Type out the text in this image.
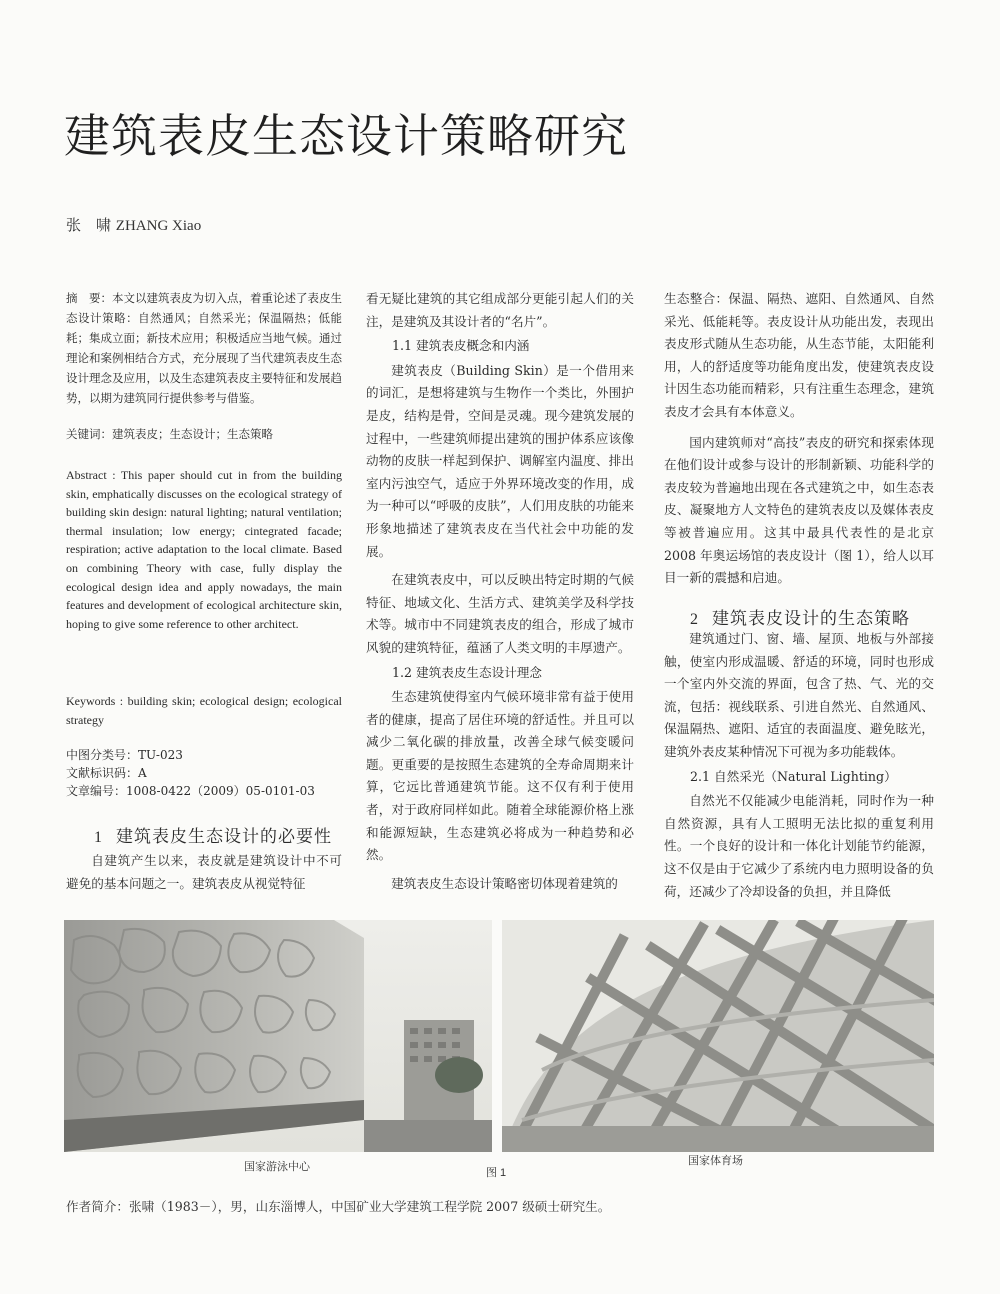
建筑表皮生态设计策略研究
张　啸 ZHANG Xiao

摘　要：本文以建筑表皮为切入点，着重论述了表皮生态设计策略：自然通风；自然采光；保温隔热；低能耗；集成立面；新技术应用；积极适应当地气候。通过理论和案例相结合方式，充分展现了当代建筑表皮生态设计理念及应用，以及生态建筑表皮主要特征和发展趋势，以期为建筑同行提供参考与借鉴。

关键词：建筑表皮；生态设计；生态策略

Abstract : This paper should cut in from the building skin, emphatically discusses on the ecological strategy of building skin design: natural lighting; natural ventilation; thermal insulation; low energy; cintegrated facade; respiration; active adaptation to the local climate. Based on combining Theory with case, fully display the ecological design idea and apply nowadays, the main features and development of ecological architecture skin, hoping to give some reference to other architect.

Keywords : building skin; ecological design; ecological strategy

中图分类号：TU-023
文献标识码：A
文章编号：1008-0422（2009）05-0101-03
1 建筑表皮生态设计的必要性

自建筑产生以来，表皮就是建筑设计中不可避免的基本问题之一。建筑表皮从视觉特征

看无疑比建筑的其它组成部分更能引起人们的关注，是建筑及其设计者的“名片”。

1.1 建筑表皮概念和内涵

建筑表皮（Building Skin）是一个借用来的词汇，是想将建筑与生物作一个类比，外围护是皮，结构是骨，空间是灵魂。现今建筑发展的过程中，一些建筑师提出建筑的围护体系应该像动物的皮肤一样起到保护、调解室内温度、排出室内污浊空气，适应于外界环境改变的作用，成为一种可以“呼吸的皮肤”，人们用皮肤的功能来形象地描述了建筑表皮在当代社会中功能的发展。

在建筑表皮中，可以反映出特定时期的气候特征、地域文化、生活方式、建筑美学及科学技术等。城市中不同建筑表皮的组合，形成了城市风貌的建筑特征，蕴涵了人类文明的丰厚遗产。

1.2 建筑表皮生态设计理念

生态建筑使得室内气候环境非常有益于使用者的健康，提高了居住环境的舒适性。并且可以减少二氧化碳的排放量，改善全球气候变暖问题。更重要的是按照生态建筑的全寿命周期来计算，它远比普通建筑节能。这不仅有利于使用者，对于政府同样如此。随着全球能源价格上涨和能源短缺，生态建筑必将成为一种趋势和必然。

建筑表皮生态设计策略密切体现着建筑的

生态整合：保温、隔热、遮阳、自然通风、自然采光、低能耗等。表皮设计从功能出发，表现出表皮形式随从生态功能，从生态节能，太阳能利用，人的舒适度等功能角度出发，使建筑表皮设计因生态功能而精彩，只有注重生态理念，建筑表皮才会具有本体意义。

国内建筑师对“高技”表皮的研究和探索体现在他们设计或参与设计的形制新颖、功能科学的表皮较为普遍地出现在各式建筑之中，如生态表皮、凝聚地方人文特色的建筑表皮以及媒体表皮等被普遍应用。这其中最具代表性的是北京 2008 年奥运场馆的表皮设计（图 1），给人以耳目一新的震撼和启迪。

2 建筑表皮设计的生态策略

建筑通过门、窗、墙、屋顶、地板与外部接触，使室内形成温暖、舒适的环境，同时也形成一个室内外交流的界面，包含了热、气、光的交流，包括：视线联系、引进自然光、自然通风、保温隔热、遮阳、适宜的表面温度、避免眩光，建筑外表皮某种情况下可视为多功能载体。

2.1 自然采光（Natural Lighting）

自然光不仅能减少电能消耗，同时作为一种自然资源，具有人工照明无法比拟的重复利用性。一个良好的设计和一体化计划能节约能源，这不仅是由于它减少了系统内电力照明设备的负荷，还减少了冷却设备的负担，并且降低

国家游泳中心	国家体育场
图 1
作者简介：张啸（1983－），男，山东淄博人，中国矿业大学建筑工程学院 2007 级硕士研究生。
